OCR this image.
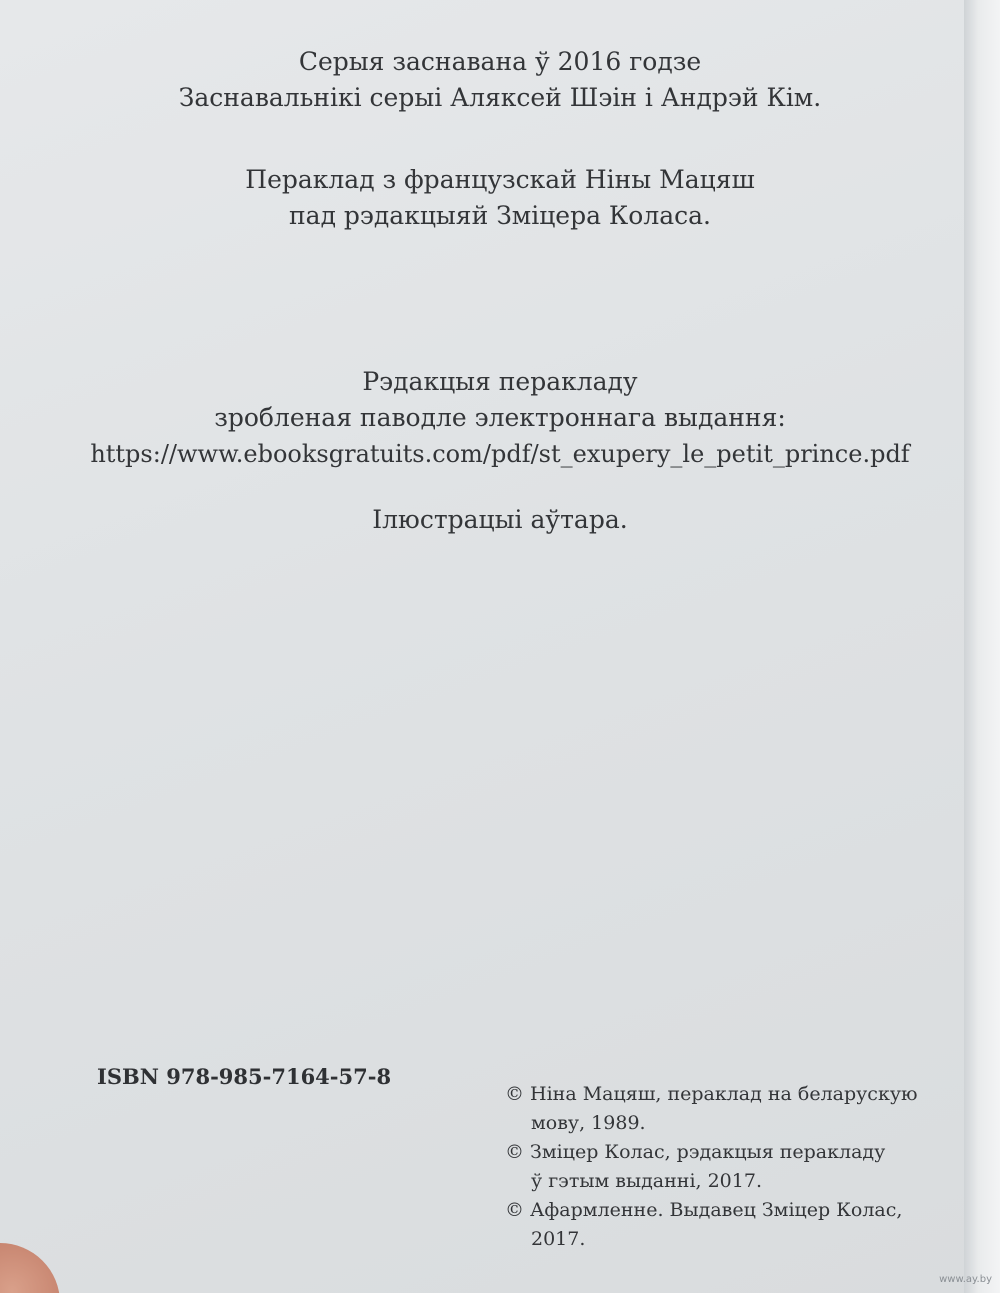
Серыя заснавана ў 2016 годзе
Заснавальнікі серыі Аляксей Шэін і Андрэй Кім.
Пераклад з французскай Ніны Мацяш
пад рэдакцыяй Зміцера Коласа.
Рэдакцыя перакладу
зробленая паводле электроннага выдання:
https://www.ebooksgratuits.com/pdf/st_exupery_le_petit_prince.pdf
Ілюстрацыі аўтара.
ISBN 978-985-7164-57-8
© Ніна Мацяш, пераклад на беларускую
мову, 1989.
© Зміцер Колас, рэдакцыя перакладу
ў гэтым выданні, 2017.
© Афармленне. Выдавец Зміцер Колас,
2017.
www.ay.by
